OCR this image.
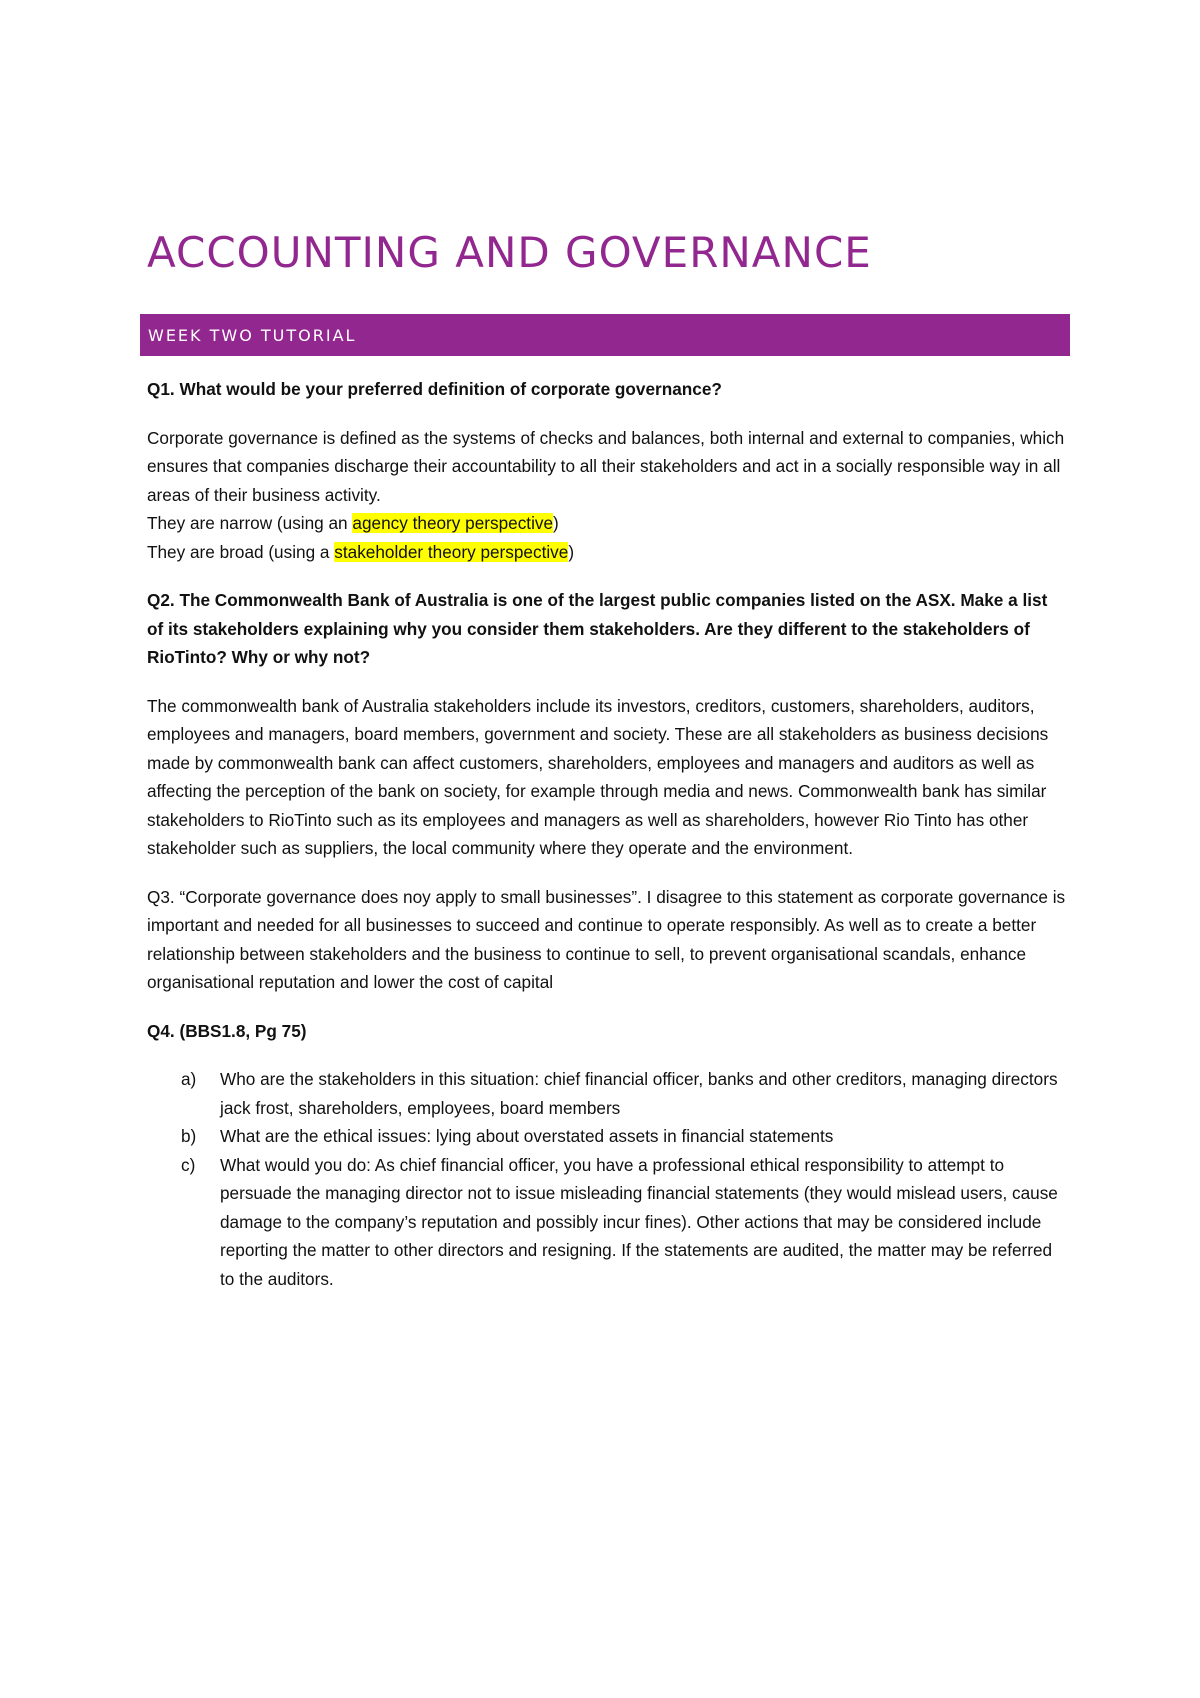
ACCOUNTING AND GOVERNANCE
WEEK TWO TUTORIAL

Q1. What would be your preferred definition of corporate governance?

Corporate governance is defined as the systems of checks and balances, both internal and external to companies, which ensures that companies discharge their accountability to all their stakeholders and act in a socially responsible way in all areas of their business activity.

They are narrow (using an agency theory perspective)

They are broad (using a stakeholder theory perspective)

Q2. The Commonwealth Bank of Australia is one of the largest public companies listed on the ASX. Make a list of its stakeholders explaining why you consider them stakeholders. Are they different to the stakeholders of RioTinto? Why or why not?

The commonwealth bank of Australia stakeholders include its investors, creditors, customers, shareholders, auditors, employees and managers, board members, government and society. These are all stakeholders as business decisions made by commonwealth bank can affect customers, shareholders, employees and managers and auditors as well as affecting the perception of the bank on society, for example through media and news. Commonwealth bank has similar stakeholders to RioTinto such as its employees and managers as well as shareholders, however Rio Tinto has other stakeholder such as suppliers, the local community where they operate and the environment.

Q3. “Corporate governance does noy apply to small businesses”. I disagree to this statement as corporate governance is important and needed for all businesses to succeed and continue to operate responsibly. As well as to create a better relationship between stakeholders and the business to continue to sell, to prevent organisational scandals, enhance organisational reputation and lower the cost of capital

Q4. (BBS1.8, Pg 75)

a) Who are the stakeholders in this situation: chief financial officer, banks and other creditors, managing directors jack frost, shareholders, employees, board members
b) What are the ethical issues: lying about overstated assets in financial statements
c) What would you do: As chief financial officer, you have a professional ethical responsibility to attempt to persuade the managing director not to issue misleading financial statements (they would mislead users, cause damage to the company’s reputation and possibly incur fines). Other actions that may be considered include reporting the matter to other directors and resigning. If the statements are audited, the matter may be referred to the auditors.
